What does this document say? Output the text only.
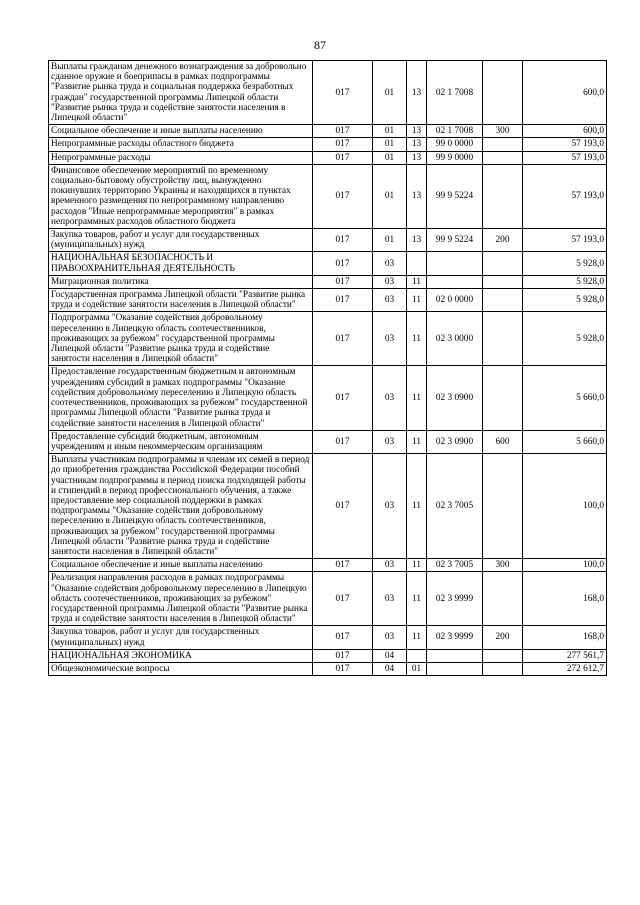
87
Выплаты гражданам денежного вознаграждения за добровольно сданное оружие и боеприпасы в рамках подпрограммы "Развитие рынка труда и социальная поддержка безработных граждан" государственной программы Липецкой области "Развитие рынка труда и содействие занятости населения в Липецкой области"	017	01	13	02 1 7008		600,0
Социальное обеспечение и иные выплаты населению	017	01	13	02 1 7008	300	600,0
Непрограммные расходы областного бюджета	017	01	13	99 0 0000		57 193,0
Непрограммные расходы	017	01	13	99 9 0000		57 193,0
Финансовое обеспечение мероприятий по временному социально-бытовому обустройству лиц, вынужденно покинувших территорию Украины и находящихся в пунктах временного размещения по непрограммному направлению расходов "Иные непрограммные мероприятия" в рамках непрограммных расходов областного бюджета	017	01	13	99 9 5224		57 193,0
Закупка товаров, работ и услуг для государственных (муниципальных) нужд	017	01	13	99 9 5224	200	57 193,0
НАЦИОНАЛЬНАЯ БЕЗОПАСНОСТЬ И ПРАВООХРАНИТЕЛЬНАЯ ДЕЯТЕЛЬНОСТЬ	017	03				5 928,0
Миграционная политика	017	03	11			5 928,0
Государственная программа Липецкой области "Развитие рынка труда и содействие занятости населения в Липецкой области"	017	03	11	02 0 0000		5 928,0
Подпрограмма "Оказание содействия добровольному переселению в Липецкую область соотечественников, проживающих за рубежом" государственной программы Липецкой области "Развитие рынка труда и содействие занятости населения в Липецкой области"	017	03	11	02 3 0000		5 928,0
Предоставление государственным бюджетным и автономным учреждениям субсидий в рамках подпрограммы "Оказание содействия добровольному переселению в Липецкую область соотечественников, проживающих за рубежом" государственной программы Липецкой области "Развитие рынка труда и содействие занятости населения в Липецкой области"	017	03	11	02 3 0900		5 660,0
Предоставление субсидий бюджетным, автономным учреждениям и иным некоммерческим организациям	017	03	11	02 3 0900	600	5 660,0
Выплаты участникам подпрограммы и членам их семей в период до приобретения гражданства Российской Федерации пособий участникам подпрограммы в период поиска подходящей работы и стипендий в период профессионального обучения, а также предоставление мер социальной поддержки в рамках подпрограммы "Оказание содействия добровольному переселению в Липецкую область соотечественников, проживающих за рубежом" государственной программы Липецкой области "Развитие рынка труда и содействие занятости населения в Липецкой области"	017	03	11	02 3 7005		100,0
Социальное обеспечение и иные выплаты населению	017	03	11	02 3 7005	300	100,0
Реализация направления расходов в рамках подпрограммы "Оказание содействия добровольному переселению в Липецкую область соотечественников, проживающих за рубежом" государственной программы Липецкой области "Развитие рынка труда и содействие занятости населения в Липецкой области"	017	03	11	02 3 9999		168,0
Закупка товаров, работ и услуг для государственных (муниципальных) нужд	017	03	11	02 3 9999	200	168,0
НАЦИОНАЛЬНАЯ ЭКОНОМИКА	017	04				277 561,7
Общеэкономические вопросы	017	04	01			272 612,7
